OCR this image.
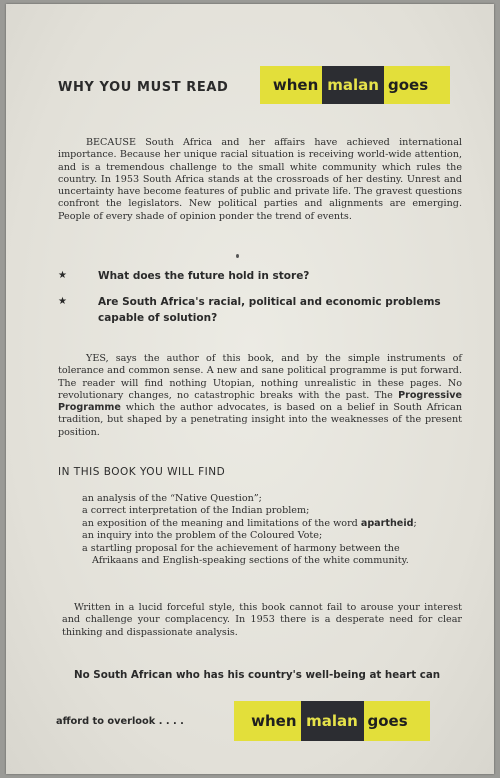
WHY YOU MUST READ	when malan goes

BECAUSE South Africa and her affairs have achieved international importance. Because her unique racial situation is receiving world-wide attention, and is a tremendous challenge to the small white community which rules the country. In 1953 South Africa stands at the crossroads of her destiny. Unrest and uncertainty have become features of public and private life. The gravest questions confront the legislators. New political parties and alignments are emerging. People of every shade of opinion ponder the trend of events.

★	What does the future hold in store?
★	Are South Africa's racial, political and economic problems capable of solution?

YES, says the author of this book, and by the simple instruments of tolerance and common sense. A new and sane political programme is put forward. The reader will find nothing Utopian, nothing unrealistic in these pages. No revolutionary changes, no catastrophic breaks with the past. The Progressive Programme which the author advocates, is based on a belief in South African tradition, but shaped by a penetrating insight into the weaknesses of the present position.

IN THIS BOOK YOU WILL FIND
an analysis of the “Native Question”;
a correct interpretation of the Indian problem;
an exposition of the meaning and limitations of the word apartheid;
an inquiry into the problem of the Coloured Vote;
a startling proposal for the achievement of harmony between the
Afrikaans and English-speaking sections of the white community.

Written in a lucid forceful style, this book cannot fail to arouse your interest and challenge your complacency. In 1953 there is a desperate need for clear thinking and dispassionate analysis.

No South African who has his country's well-being at heart can
afford to overlook . . . .	when malan goes
